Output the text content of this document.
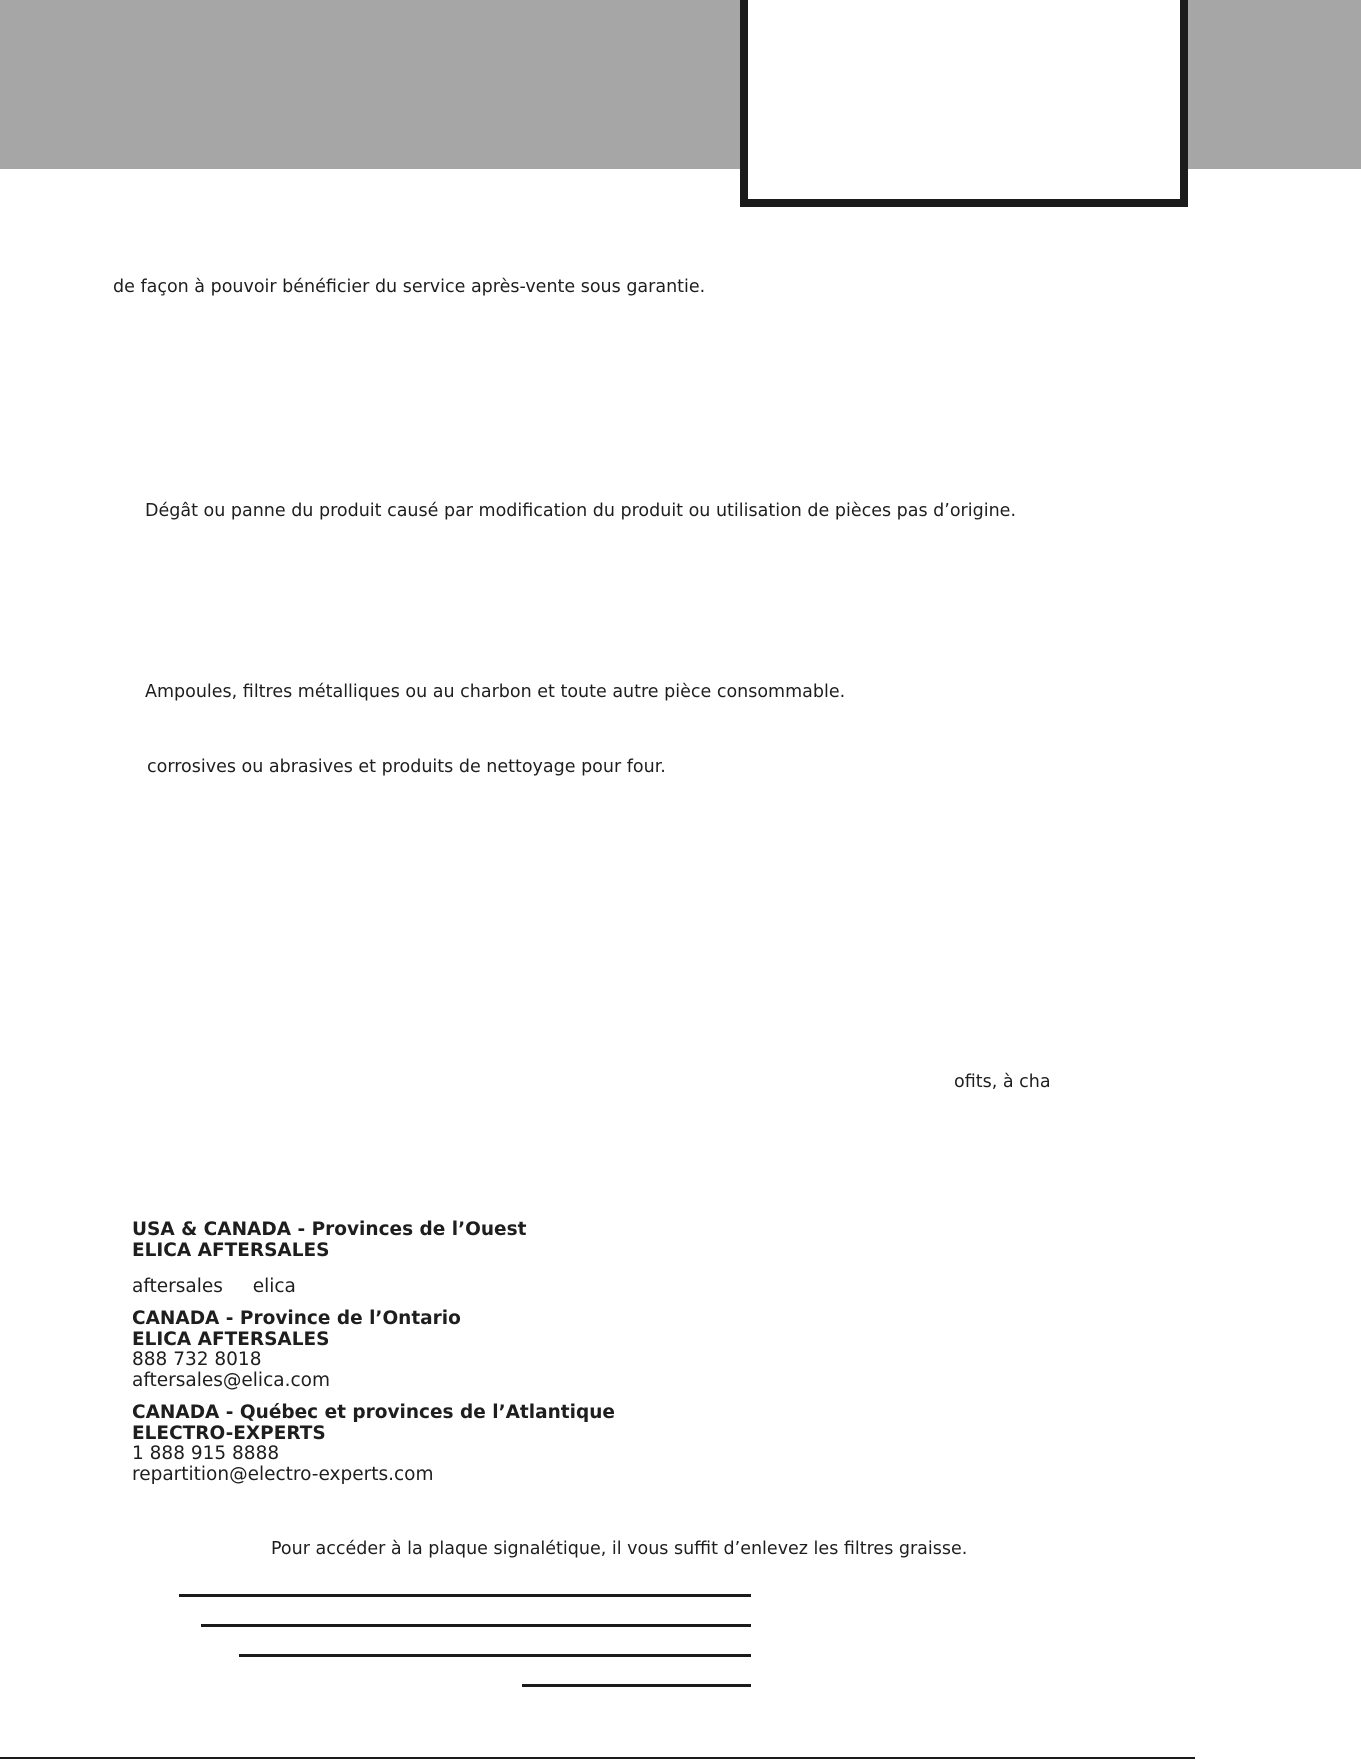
de façon à pouvoir bénéficier du service après-vente sous garantie.
Dégât ou panne du produit causé par modification du produit ou utilisation de pièces pas d’origine.
Ampoules, filtres métalliques ou au charbon et toute autre pièce consommable.
corrosives ou abrasives et produits de nettoyage pour four.
ofits, à cha
USA & CANADA - Provinces de l’Ouest
ELICA AFTERSALES
aftersales elica
CANADA - Province de l’Ontario
ELICA AFTERSALES
888 732 8018
aftersales@elica.com
CANADA - Québec et provinces de l’Atlantique
ELECTRO-EXPERTS
1 888 915 8888
repartition@electro-experts.com
Pour accéder à la plaque signalétique, il vous suffit d’enlevez les filtres graisse.
